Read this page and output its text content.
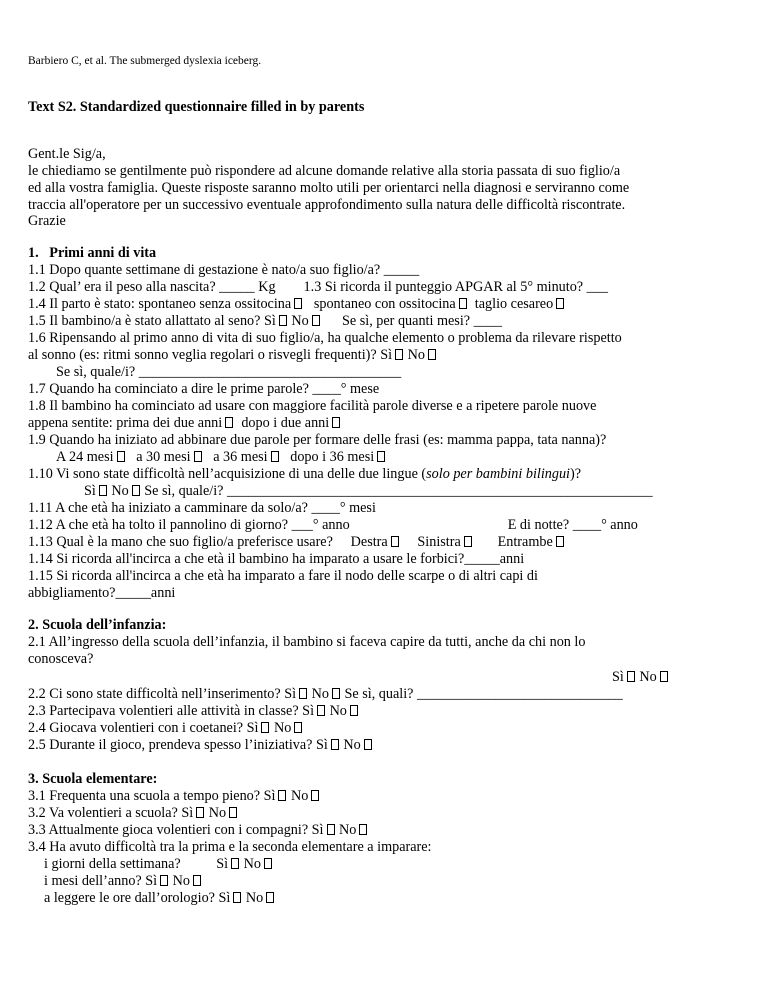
Barbiero C, et al. The submerged dyslexia iceberg.
Text S2. Standardized questionnaire filled in by parents
Gent.le Sig/a,
le chiediamo se gentilmente può rispondere ad alcune domande relative alla storia passata di suo figlio/a
ed alla vostra famiglia. Queste risposte saranno molto utili per orientarci nella diagnosi e serviranno come
traccia all'operatore per un successivo eventuale approfondimento sulla natura delle difficoltà riscontrate.
Grazie
1.   Primi anni di vita
1.1 Dopo quante settimane di gestazione è nato/a suo figlio/a? _____
1.2 Qual’ era il peso alla nascita? _____ Kg 1.3 Si ricorda il punteggio APGAR al 5° minuto? ___
1.4 Il parto è stato: spontaneo senza ossitocina spontaneo con ossitocina taglio cesareo
1.5 Il bambino/a è stato allattato al seno? Sì No Se sì, per quanti mesi? ____
1.6 Ripensando al primo anno di vita di suo figlio/a, ha qualche elemento o problema da rilevare rispetto
al sonno (es: ritmi sonno veglia regolari o risvegli frequenti)? Sì No
Se sì, quale/i? _____________________________________
1.7 Quando ha cominciato a dire le prime parole? ____° mese
1.8 Il bambino ha cominciato ad usare con maggiore facilità parole diverse e a ripetere parole nuove
appena sentite: prima dei due anni dopo i due anni
1.9 Quando ha iniziato ad abbinare due parole per formare delle frasi (es: mamma pappa, tata nanna)?
A 24 mesi a 30 mesi a 36 mesi dopo i 36 mesi
1.10 Vi sono state difficoltà nell’acquisizione di una delle due lingue (solo per bambini bilingui)?
Sì No Se sì, quale/i? ____________________________________________________________
1.11 A che età ha iniziato a camminare da solo/a? ____° mesi
1.12 A che età ha tolto il pannolino di giorno? ___° anno	E di notte? ____° anno
1.13 Qual è la mano che suo figlio/a preferisce usare? Destra Sinistra	Entrambe
1.14 Si ricorda all'incirca a che età il bambino ha imparato a usare le forbici?_____anni
1.15 Si ricorda all'incirca a che età ha imparato a fare il nodo delle scarpe o di altri capi di
abbigliamento?_____anni
2. Scuola dell’infanzia:
2.1 All’ingresso della scuola dell’infanzia, il bambino si faceva capire da tutti, anche da chi non lo
conosceva?
Sì No
2.2 Ci sono state difficoltà nell’inserimento? Sì No Se sì, quali? _____________________________
2.3 Partecipava volentieri alle attività in classe? Sì No
2.4 Giocava volentieri con i coetanei? Sì No
2.5 Durante il gioco, prendeva spesso l’iniziativa? Sì No
3. Scuola elementare:
3.1 Frequenta una scuola a tempo pieno? Sì No
3.2 Va volentieri a scuola? Sì No
3.3 Attualmente gioca volentieri con i compagni? Sì No
3.4 Ha avuto difficoltà tra la prima e la seconda elementare a imparare:
i giorni della settimana? Sì No
i mesi dell’anno? Sì No
a leggere le ore dall’orologio? Sì No
